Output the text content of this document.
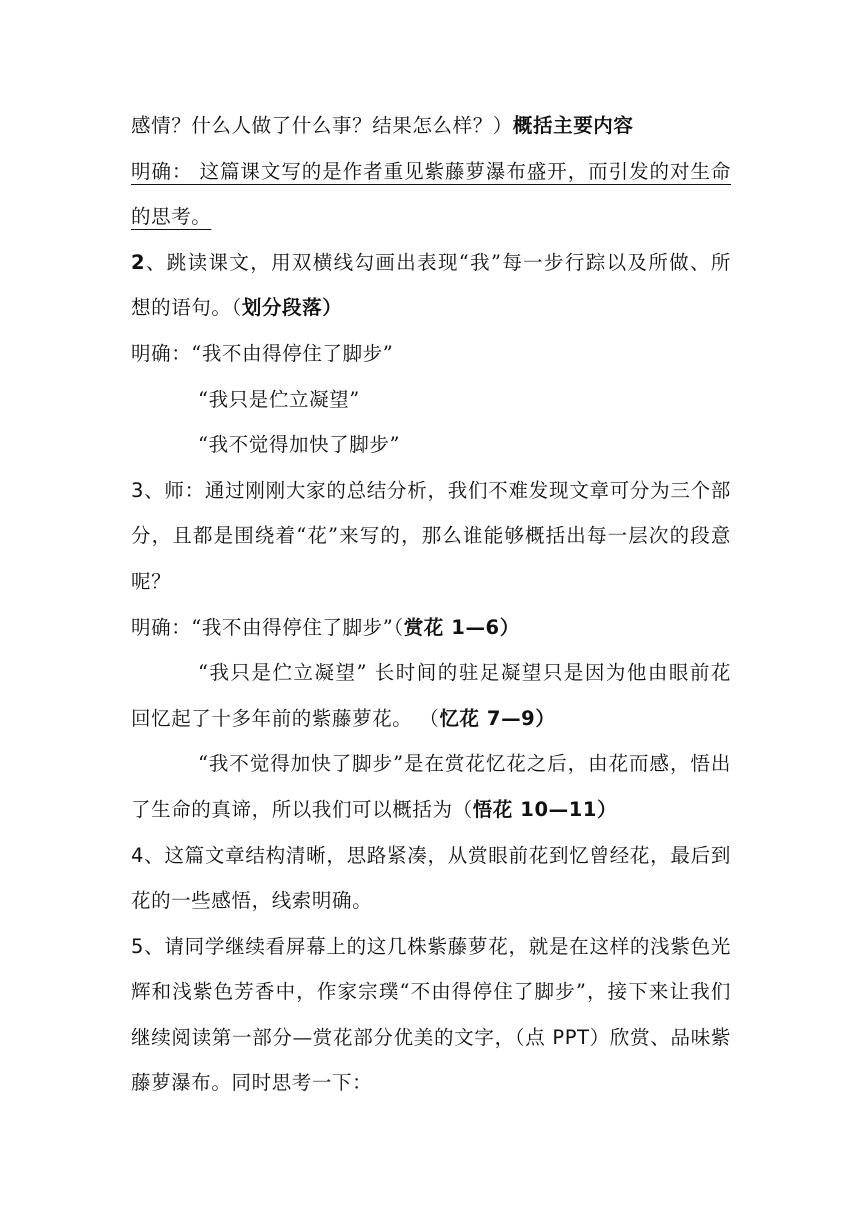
感情？什么人做了什么事？结果怎么样？）概括主要内容
明确： 这篇课文写的是作者重见紫藤萝瀑布盛开，而引发的对生命
的思考。
2、跳读课文，用双横线勾画出表现“我”每一步行踪以及所做、所
想的语句。（划分段落）
明确：“我不由得停住了脚步”
“我只是伫立凝望”
“我不觉得加快了脚步”
3、师：通过刚刚大家的总结分析，我们不难发现文章可分为三个部
分，且都是围绕着“花”来写的，那么谁能够概括出每一层次的段意
呢？
明确：“我不由得停住了脚步”（赏花 1—6）
“我只是伫立凝望” 长时间的驻足凝望只是因为他由眼前花
回忆起了十多年前的紫藤萝花。 （忆花 7—9）
“我不觉得加快了脚步”是在赏花忆花之后，由花而感，悟出
了生命的真谛，所以我们可以概括为（悟花 10—11）
4、这篇文章结构清晰，思路紧凑，从赏眼前花到忆曾经花，最后到
花的一些感悟，线索明确。
5、请同学继续看屏幕上的这几株紫藤萝花，就是在这样的浅紫色光
辉和浅紫色芳香中，作家宗璞“不由得停住了脚步”，接下来让我们
继续阅读第一部分—赏花部分优美的文字，（点 PPT）欣赏、品味紫
藤萝瀑布。同时思考一下：
